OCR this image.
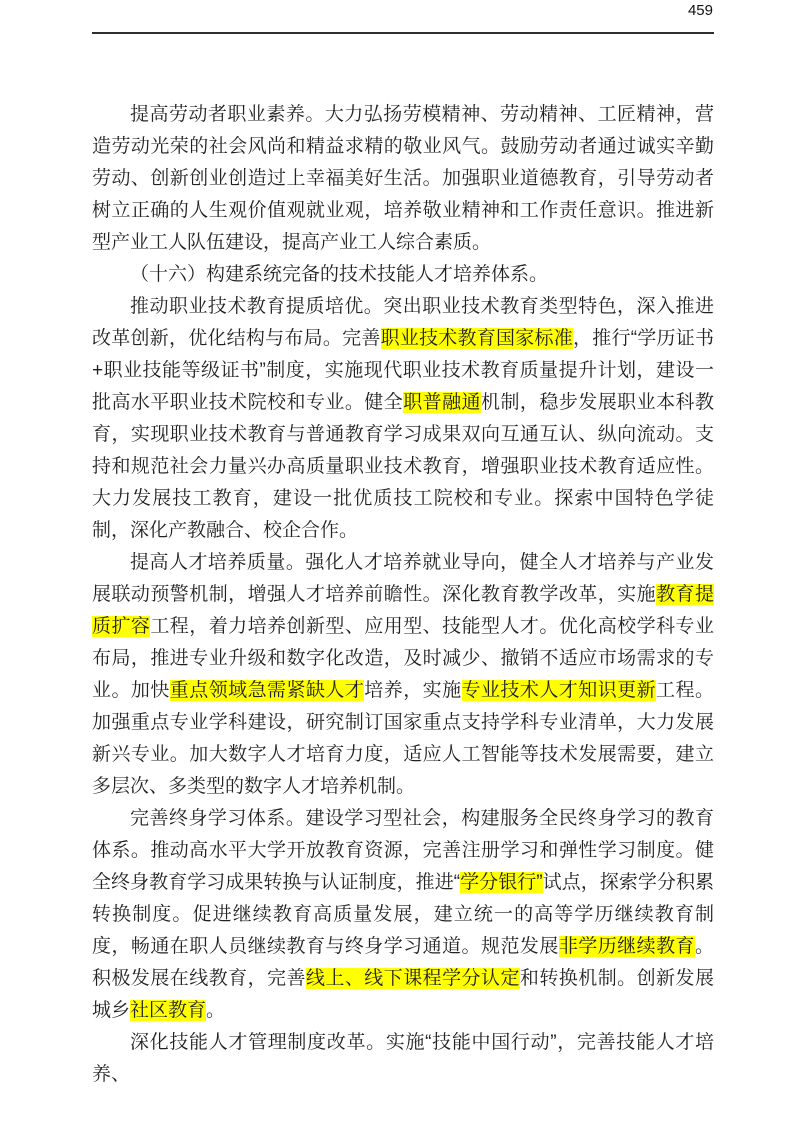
459

提高劳动者职业素养。大力弘扬劳模精神、劳动精神、工匠精神，营造劳动光荣的社会风尚和精益求精的敬业风气。鼓励劳动者通过诚实辛勤劳动、创新创业创造过上幸福美好生活。加强职业道德教育，引导劳动者树立正确的人生观价值观就业观，培养敬业精神和工作责任意识。推进新型产业工人队伍建设，提高产业工人综合素质。

（十六）构建系统完备的技术技能人才培养体系。

推动职业技术教育提质培优。突出职业技术教育类型特色，深入推进改革创新，优化结构与布局。完善职业技术教育国家标准，推行“学历证书+职业技能等级证书”制度，实施现代职业技术教育质量提升计划，建设一批高水平职业技术院校和专业。健全职普融通机制，稳步发展职业本科教育，实现职业技术教育与普通教育学习成果双向互通互认、纵向流动。支持和规范社会力量兴办高质量职业技术教育，增强职业技术教育适应性。大力发展技工教育，建设一批优质技工院校和专业。探索中国特色学徒制，深化产教融合、校企合作。

提高人才培养质量。强化人才培养就业导向，健全人才培养与产业发展联动预警机制，增强人才培养前瞻性。深化教育教学改革，实施教育提质扩容工程，着力培养创新型、应用型、技能型人才。优化高校学科专业布局，推进专业升级和数字化改造，及时减少、撤销不适应市场需求的专业。加快重点领域急需紧缺人才培养，实施专业技术人才知识更新工程。加强重点专业学科建设，研究制订国家重点支持学科专业清单，大力发展新兴专业。加大数字人才培育力度，适应人工智能等技术发展需要，建立多层次、多类型的数字人才培养机制。

完善终身学习体系。建设学习型社会，构建服务全民终身学习的教育体系。推动高水平大学开放教育资源，完善注册学习和弹性学习制度。健全终身教育学习成果转换与认证制度，推进“学分银行”试点，探索学分积累转换制度。促进继续教育高质量发展，建立统一的高等学历继续教育制度，畅通在职人员继续教育与终身学习通道。规范发展非学历继续教育。积极发展在线教育，完善线上、线下课程学分认定和转换机制。创新发展城乡社区教育。

深化技能人才管理制度改革。实施“技能中国行动”，完善技能人才培养、
